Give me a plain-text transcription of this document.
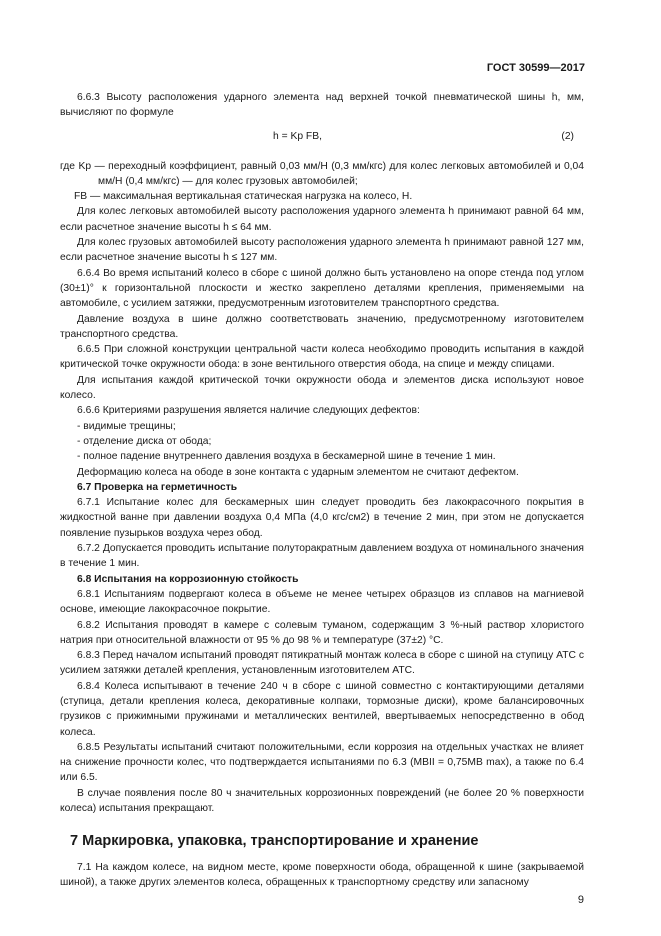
ГОСТ 30599—2017

6.6.3 Высоту расположения ударного элемента над верхней точкой пневматической шины h, мм, вычисляют по формуле

h = Kp FB,	(2)

где Kp — переходный коэффициент, равный 0,03 мм/Н (0,3 мм/кгс) для колес легковых автомобилей и 0,04 мм/Н (0,4 мм/кгс) — для колес грузовых автомобилей;

FB — максимальная вертикальная статическая нагрузка на колесо, Н.

Для колес легковых автомобилей высоту расположения ударного элемента h принимают равной 64 мм, если расчетное значение высоты h ≤ 64 мм.

Для колес грузовых автомобилей высоту расположения ударного элемента h принимают равной 127 мм, если расчетное значение высоты h ≤ 127 мм.

6.6.4 Во время испытаний колесо в сборе с шиной должно быть установлено на опоре стенда под углом (30±1)° к горизонтальной плоскости и жестко закреплено деталями крепления, применяемыми на автомобиле, с усилием затяжки, предусмотренным изготовителем транспортного средства.

Давление воздуха в шине должно соответствовать значению, предусмотренному изготовителем транспортного средства.

6.6.5 При сложной конструкции центральной части колеса необходимо проводить испытания в каждой критической точке окружности обода: в зоне вентильного отверстия обода, на спице и между спицами.

Для испытания каждой критической точки окружности обода и элементов диска используют новое колесо.

6.6.6 Критериями разрушения является наличие следующих дефектов:

- видимые трещины;

- отделение диска от обода;

- полное падение внутреннего давления воздуха в бескамерной шине в течение 1 мин.

Деформацию колеса на ободе в зоне контакта с ударным элементом не считают дефектом.

6.7 Проверка на герметичность

6.7.1 Испытание колес для бескамерных шин следует проводить без лакокрасочного покрытия в жидкостной ванне при давлении воздуха 0,4 МПа (4,0 кгс/см2) в течение 2 мин, при этом не допускается появление пузырьков воздуха через обод.

6.7.2 Допускается проводить испытание полуторакратным давлением воздуха от номинального значения в течение 1 мин.

6.8 Испытания на коррозионную стойкость

6.8.1 Испытаниям подвергают колеса в объеме не менее четырех образцов из сплавов на магниевой основе, имеющие лакокрасочное покрытие.

6.8.2 Испытания проводят в камере с солевым туманом, содержащим 3 %-ный раствор хлористого натрия при относительной влажности от 95 % до 98 % и температуре (37±2) °С.

6.8.3 Перед началом испытаний проводят пятикратный монтаж колеса в сборе с шиной на ступицу АТС с усилием затяжки деталей крепления, установленным изготовителем АТС.

6.8.4 Колеса испытывают в течение 240 ч в сборе с шиной совместно с контактирующими деталями (ступица, детали крепления колеса, декоративные колпаки, тормозные диски), кроме балансировочных грузиков с прижимными пружинами и металлических вентилей, ввертываемых непосредственно в обод колеса.

6.8.5 Результаты испытаний считают положительными, если коррозия на отдельных участках не влияет на снижение прочности колес, что подтверждается испытаниями по 6.3 (MBII = 0,75MB max), а также по 6.4 или 6.5.

В случае появления после 80 ч значительных коррозионных повреждений (не более 20 % поверхности колеса) испытания прекращают.

7 Маркировка, упаковка, транспортирование и хранение

7.1 На каждом колесе, на видном месте, кроме поверхности обода, обращенной к шине (закрываемой шиной), а также других элементов колеса, обращенных к транспортному средству или запасному

9
